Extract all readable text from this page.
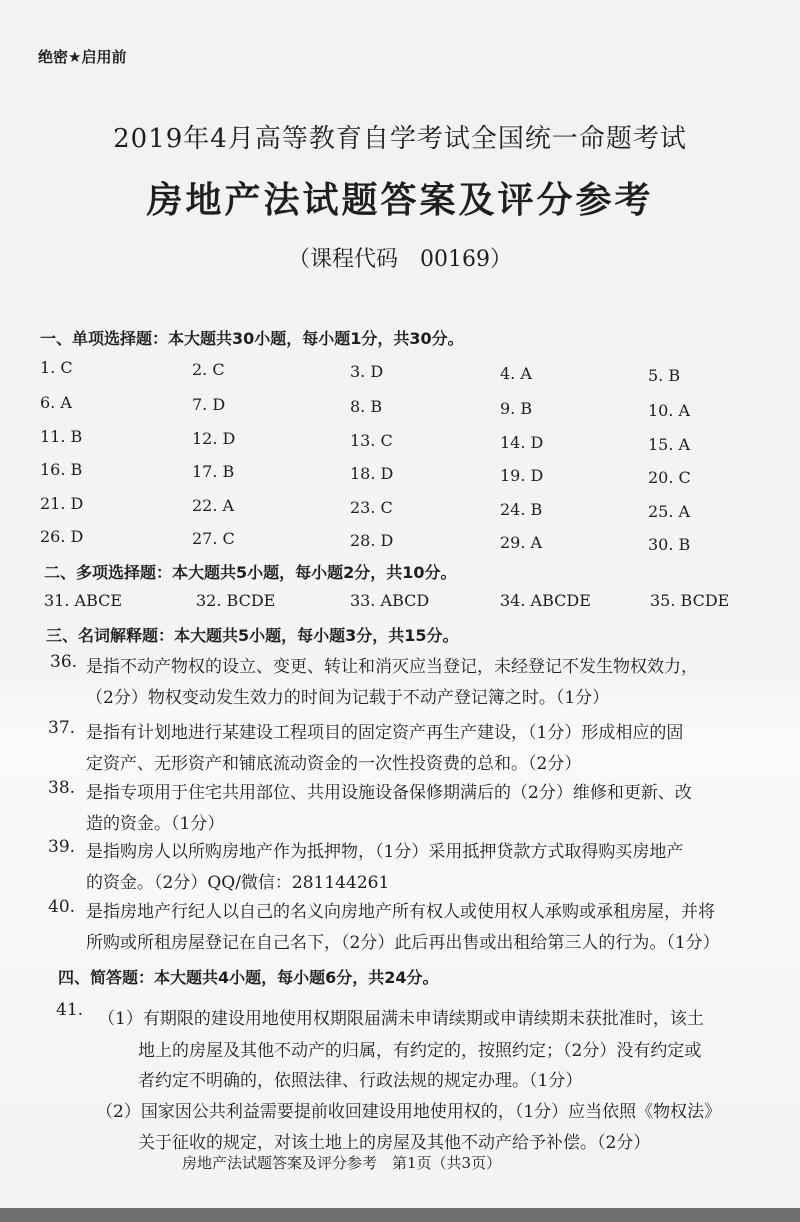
绝密★启用前
2019年4月高等教育自学考试全国统一命题考试
房地产法试题答案及评分参考
（课程代码　00169）
一、单项选择题：本大题共30小题，每小题1分，共30分。
1. C	2. C	3. D	4. A	5. B
6. A	7. D	8. B	9. B	10. A
11. B	12. D	13. C	14. D	15. A
16. B	17. B	18. D	19. D	20. C
21. D	22. A	23. C	24. B	25. A
26. D	27. C	28. D	29. A	30. B
二、多项选择题：本大题共5小题，每小题2分，共10分。
31. ABCE	32. BCDE	33. ABCD	34. ABCDE	35. BCDE
三、名词解释题：本大题共5小题，每小题3分，共15分。
36. 是指不动产物权的设立、变更、转让和消灭应当登记，未经登记不发生物权效力，
（2分）物权变动发生效力的时间为记载于不动产登记簿之时。（1分）
37. 是指有计划地进行某建设工程项目的固定资产再生产建设，（1分）形成相应的固
定资产、无形资产和铺底流动资金的一次性投资费的总和。（2分）
38. 是指专项用于住宅共用部位、共用设施设备保修期满后的（2分）维修和更新、改
造的资金。（1分）
39. 是指购房人以所购房地产作为抵押物，（1分）采用抵押贷款方式取得购买房地产
的资金。（2分）QQ/微信：281144261
40. 是指房地产行纪人以自己的名义向房地产所有权人或使用权人承购或承租房屋，并将
所购或所租房屋登记在自己名下，（2分）此后再出售或出租给第三人的行为。（1分）
四、简答题：本大题共4小题，每小题6分，共24分。
41. （1）有期限的建设用地使用权期限届满未申请续期或申请续期未获批准时，该土
地上的房屋及其他不动产的归属，有约定的，按照约定；（2分）没有约定或
者约定不明确的，依照法律、行政法规的规定办理。（1分）
（2）国家因公共利益需要提前收回建设用地使用权的，（1分）应当依照《物权法》
关于征收的规定，对该土地上的房屋及其他不动产给予补偿。（2分）
房地产法试题答案及评分参考　第1页（共3页）
